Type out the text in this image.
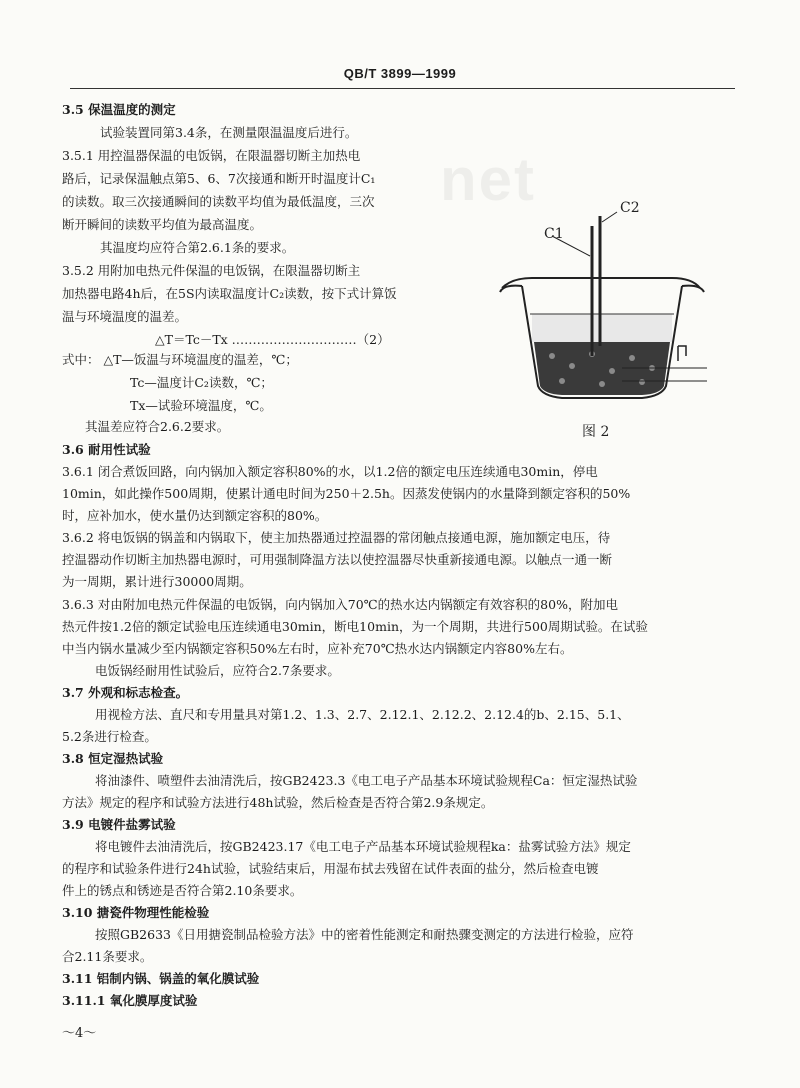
net
QB/T 3899—1999
3.5 保温温度的测定
试验装置同第3.4条，在测量限温温度后进行。
3.5.1 用控温器保温的电饭锅，在限温器切断主加热电
路后，记录保温触点第5、6、7次接通和断开时温度计C₁
的读数。取三次接通瞬间的读数平均值为最低温度，三次
断开瞬间的读数平均值为最高温度。
其温度均应符合第2.6.1条的要求。
3.5.2 用附加电热元件保温的电饭锅，在限温器切断主
加热器电路4h后，在5S内读取温度计C₂读数，按下式计算饭
温与环境温度的温差。
△T＝Tc－Tx …………………………（2）
式中： △T—饭温与环境温度的温差，℃；
Tc—温度计C₂读数，℃；
Tx—试验环境温度，℃。
其温差应符合2.6.2要求。
3.6 耐用性试验
3.6.1 闭合煮饭回路，向内锅加入额定容积80%的水，以1.2倍的额定电压连续通电30min，停电
10min，如此操作500周期，使累计通电时间为250＋2.5h。因蒸发使锅内的水量降到额定容积的50%
时，应补加水，使水量仍达到额定容积的80%。
3.6.2 将电饭锅的锅盖和内锅取下，使主加热器通过控温器的常闭触点接通电源，施加额定电压，待
控温器动作切断主加热器电源时，可用强制降温方法以使控温器尽快重新接通电源。以触点一通一断
为一周期，累计进行30000周期。
3.6.3 对由附加电热元件保温的电饭锅，向内锅加入70℃的热水达内锅额定有效容积的80%，附加电
热元件按1.2倍的额定试验电压连续通电30min，断电10min，为一个周期，共进行500周期试验。在试验
中当内锅水量减少至内锅额定容积50%左右时，应补充70℃热水达内锅额定内容80%左右。
电饭锅经耐用性试验后，应符合2.7条要求。
3.7 外观和标志检查。
用视检方法、直尺和专用量具对第1.2、1.3、2.7、2.12.1、2.12.2、2.12.4的b、2.15、5.1、
5.2条进行检查。
3.8 恒定湿热试验
将油漆件、喷塑件去油清洗后，按GB2423.3《电工电子产品基本环境试验规程Ca：恒定湿热试验
方法》规定的程序和试验方法进行48h试验，然后检查是否符合第2.9条规定。
3.9 电镀件盐雾试验
将电镀件去油清洗后，按GB2423.17《电工电子产品基本环境试验规程ka：盐雾试验方法》规定
的程序和试验条件进行24h试验，试验结束后，用湿布拭去残留在试件表面的盐分，然后检查电镀
件上的锈点和锈迹是否符合第2.10条要求。
3.10 搪瓷件物理性能检验
按照GB2633《日用搪瓷制品检验方法》中的密着性能测定和耐热骤变测定的方法进行检验，应符
合2.11条要求。
3.11 铝制内锅、锅盖的氧化膜试验
3.11.1 氧化膜厚度试验
C1
C2
图 2
～4～
